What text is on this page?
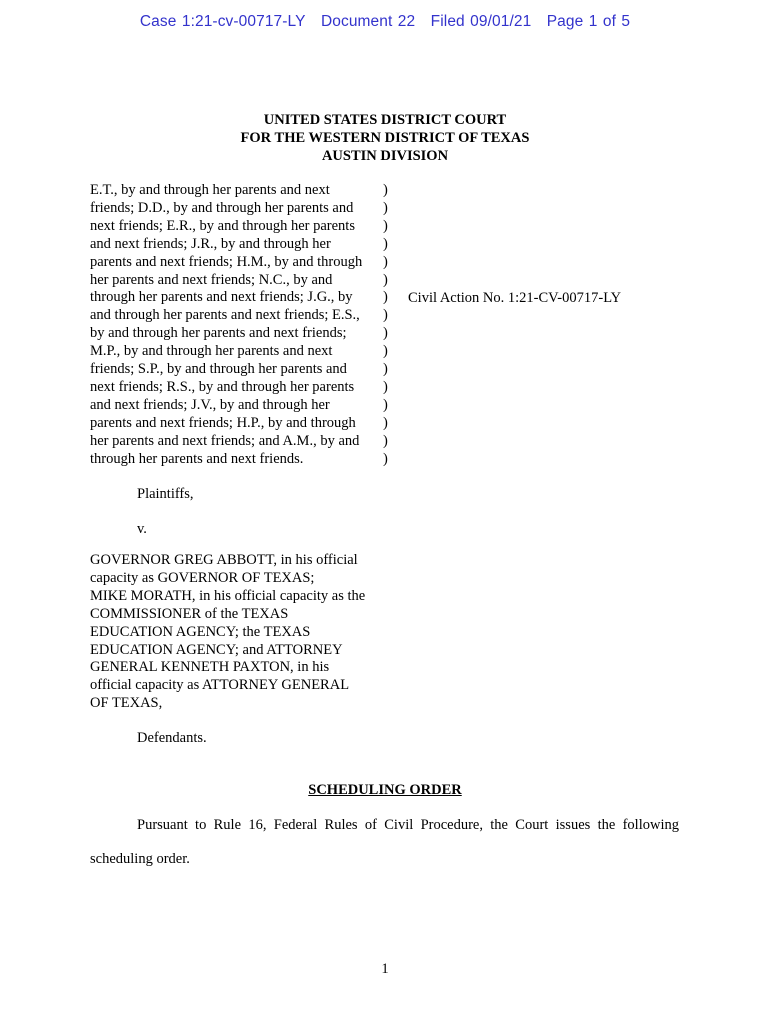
Case 1:21-cv-00717-LY Document 22 Filed 09/01/21 Page 1 of 5
UNITED STATES DISTRICT COURT
FOR THE WESTERN DISTRICT OF TEXAS
AUSTIN DIVISION
E.T., by and through her parents and next
friends; D.D., by and through her parents and
next friends; E.R., by and through her parents
and next friends; J.R., by and through her
parents and next friends; H.M., by and through
her parents and next friends; N.C., by and
through her parents and next friends; J.G., by
and through her parents and next friends; E.S.,
by and through her parents and next friends;
M.P., by and through her parents and next
friends; S.P., by and through her parents and
next friends; R.S., by and through her parents
and next friends; J.V., by and through her
parents and next friends; H.P., by and through
her parents and next friends; and A.M., by and
through her parents and next friends.
)
)
)
)
)
)
)
)
)
)
)
)
)
)
)
)
Civil Action No. 1:21-CV-00717-LY
Plaintiffs,
v.
GOVERNOR GREG ABBOTT, in his official
capacity as GOVERNOR OF TEXAS;
MIKE MORATH, in his official capacity as the
COMMISSIONER of the TEXAS
EDUCATION AGENCY; the TEXAS
EDUCATION AGENCY; and ATTORNEY
GENERAL KENNETH PAXTON, in his
official capacity as ATTORNEY GENERAL
OF TEXAS,
Defendants.
SCHEDULING ORDER
Pursuant to Rule 16, Federal Rules of Civil Procedure, the Court issues the following
scheduling order.
1
